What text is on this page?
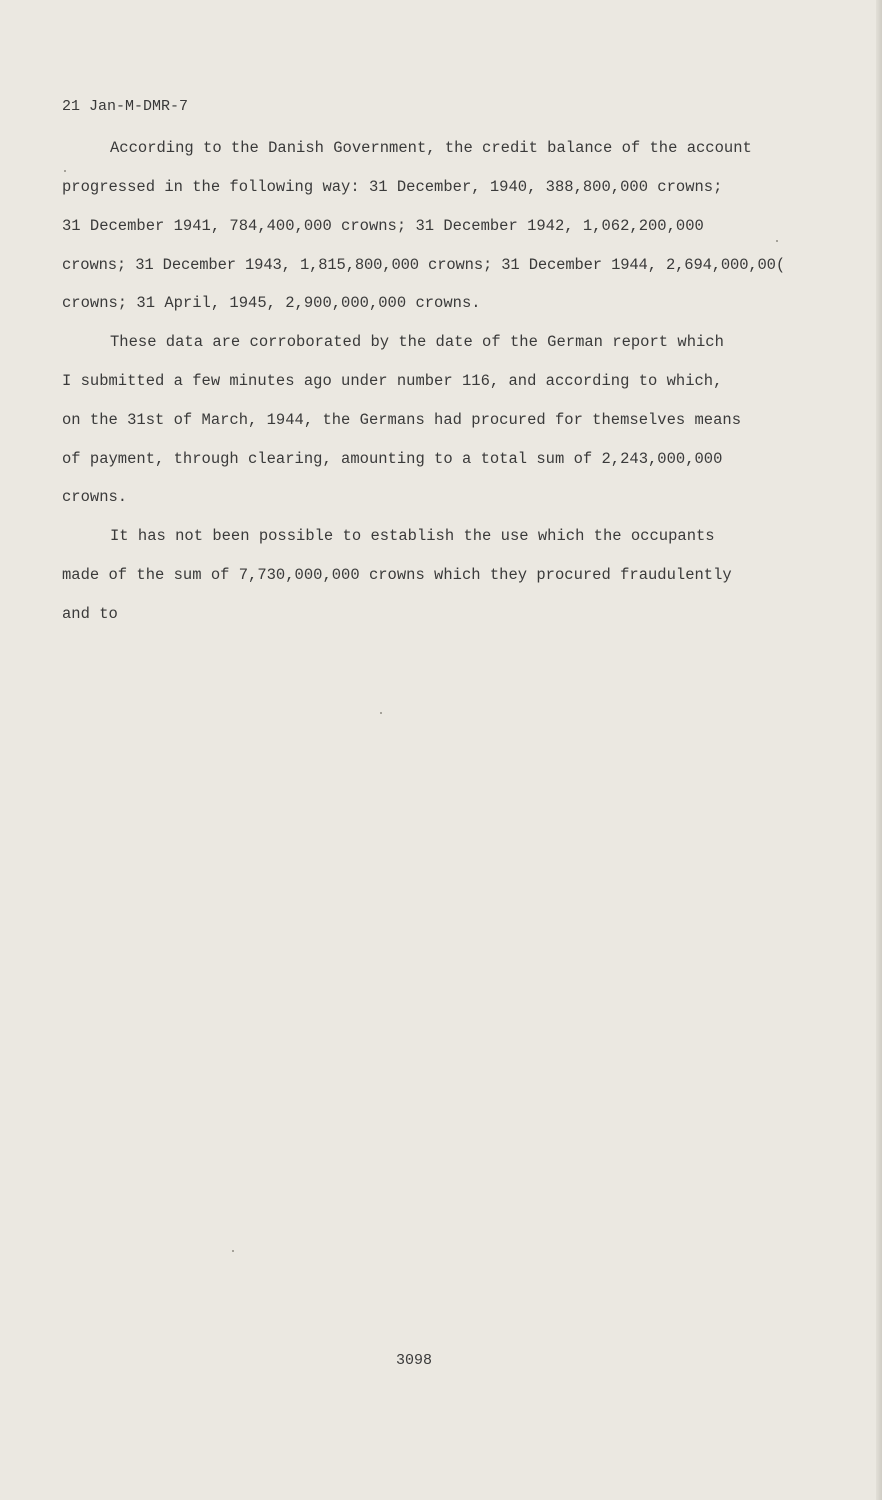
21 Jan-M-DMR-7
According to the Danish Government, the credit balance of the account
progressed in the following way: 31 December, 1940, 388,800,000 crowns;
31 December 1941, 784,400,000 crowns; 31 December 1942, 1,062,200,000
crowns; 31 December 1943, 1,815,800,000 crowns; 31 December 1944, 2,694,000,00(
crowns; 31 April, 1945, 2,900,000,000 crowns.
These data are corroborated by the date of the German report which
I submitted a few minutes ago under number 116, and according to which,
on the 31st of March, 1944, the Germans had procured for themselves means
of payment, through clearing, amounting to a total sum of 2,243,000,000
crowns.
It has not been possible to establish the use which the occupants
made of the sum of 7,730,000,000 crowns which they procured fraudulently
and to
3098
